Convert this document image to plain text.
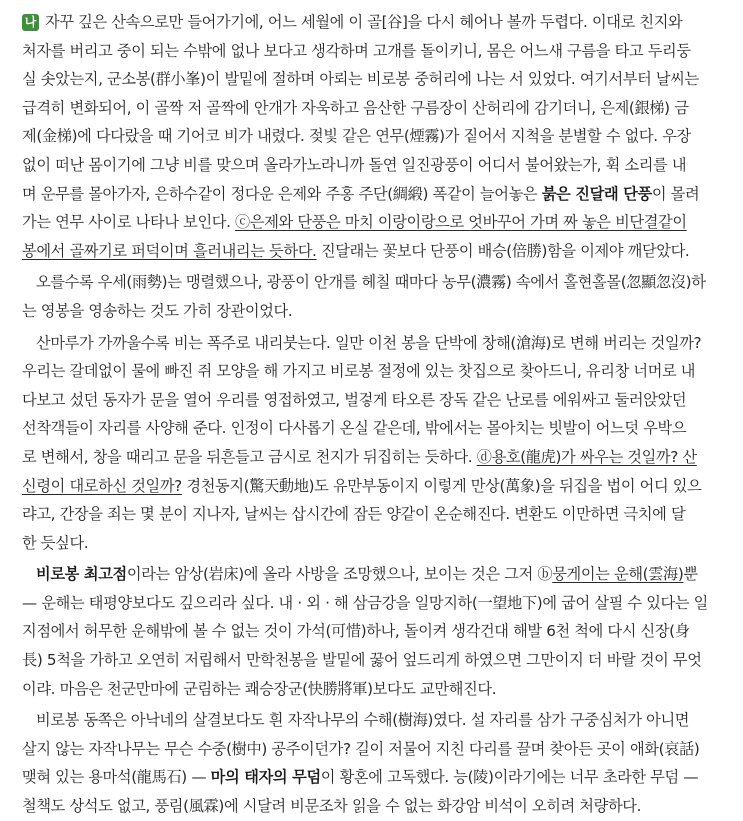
나 자꾸 깊은 산속으로만 들어가기에, 어느 세월에 이 골[谷]을 다시 헤어나 볼까 두렵다. 이대로 친지와
처자를 버리고 중이 되는 수밖에 없나 보다고 생각하며 고개를 돌이키니, 몸은 어느새 구름을 타고 두리둥
실 솟았는지, 군소봉(群小峯)이 발밑에 절하며 아뢰는 비로봉 중허리에 나는 서 있었다. 여기서부터 날씨는
급격히 변화되어, 이 골짝 저 골짝에 안개가 자욱하고 음산한 구름장이 산허리에 감기더니, 은제(銀梯) 금
제(金梯)에 다다랐을 때 기어코 비가 내렸다. 젖빛 같은 연무(煙霧)가 짙어서 지척을 분별할 수 없다. 우장
없이 떠난 몸이기에 그냥 비를 맞으며 올라가노라니까 돌연 일진광풍이 어디서 불어왔는가, 휙 소리를 내
며 운무를 몰아가자, 은하수같이 정다운 은제와 주홍 주단(綢緞) 폭같이 늘어놓은 붉은 진달래 단풍이 몰려
가는 연무 사이로 나타나 보인다. ⓒ은제와 단풍은 마치 이랑이랑으로 엇바꾸어 가며 짜 놓은 비단결같이
봉에서 골짜기로 퍼덕이며 흘러내리는 듯하다. 진달래는 꽃보다 단풍이 배승(倍勝)함을 이제야 깨닫았다.
오를수록 우세(雨勢)는 맹렬했으나, 광풍이 안개를 헤칠 때마다 농무(濃霧) 속에서 홀현홀몰(忽顯忽沒)하
는 영봉을 영송하는 것도 가히 장관이었다.
산마루가 가까울수록 비는 폭주로 내리붓는다. 일만 이천 봉을 단박에 창해(滄海)로 변해 버리는 것일까?
우리는 갈데없이 물에 빠진 쥐 모양을 해 가지고 비로봉 절정에 있는 찻집으로 찾아드니, 유리창 너머로 내
다보고 섰던 동자가 문을 열어 우리를 영접하였고, 벌겋게 타오른 장독 같은 난로를 에워싸고 둘러앉았던
선착객들이 자리를 사양해 준다. 인정이 다사롭기 온실 같은데, 밖에서는 몰아치는 빗발이 어느덧 우박으
로 변해서, 창을 때리고 문을 뒤흔들고 금시로 천지가 뒤집히는 듯하다. ⓓ용호(龍虎)가 싸우는 것일까? 산
신령이 대로하신 것일까? 경천동지(驚天動地)도 유만부동이지 이렇게 만상(萬象)을 뒤집을 법이 어디 있으
랴고, 간장을 죄는 몇 분이 지나자, 날씨는 삽시간에 잠든 양같이 온순해진다. 변환도 이만하면 극치에 달
한 듯싶다.
비로봉 최고점이라는 암상(岩床)에 올라 사방을 조망했으나, 보이는 것은 그저 ⓑ뭉게이는 운해(雲海)뿐
— 운해는 태평양보다도 깊으리라 싶다. 내 · 외 · 해 삼금강을 일망지하(一望地下)에 굽어 살필 수 있다는 일
지점에서 허무한 운해밖에 볼 수 없는 것이 가석(可惜)하나, 돌이켜 생각건대 해발 6천 척에 다시 신장(身
長) 5척을 가하고 오연히 저립해서 만학천봉을 발밑에 꿇어 엎드리게 하였으면 그만이지 더 바랄 것이 무엇
이랴. 마음은 천군만마에 군림하는 쾌승장군(快勝將軍)보다도 교만해진다.
비로봉 동쪽은 아낙네의 살결보다도 흰 자작나무의 수해(樹海)였다. 설 자리를 삼가 구중심처가 아니면
살지 않는 자작나무는 무슨 수중(樹中) 공주이던가? 길이 저물어 지친 다리를 끌며 찾아든 곳이 애화(哀話)
맺혀 있는 용마석(龍馬石) — 마의 태자의 무덤이 황혼에 고독했다. 능(陵)이라기에는 너무 초라한 무덤 —
철책도 상석도 없고, 풍림(風霖)에 시달려 비문조차 읽을 수 없는 화강암 비석이 오히려 처량하다.
